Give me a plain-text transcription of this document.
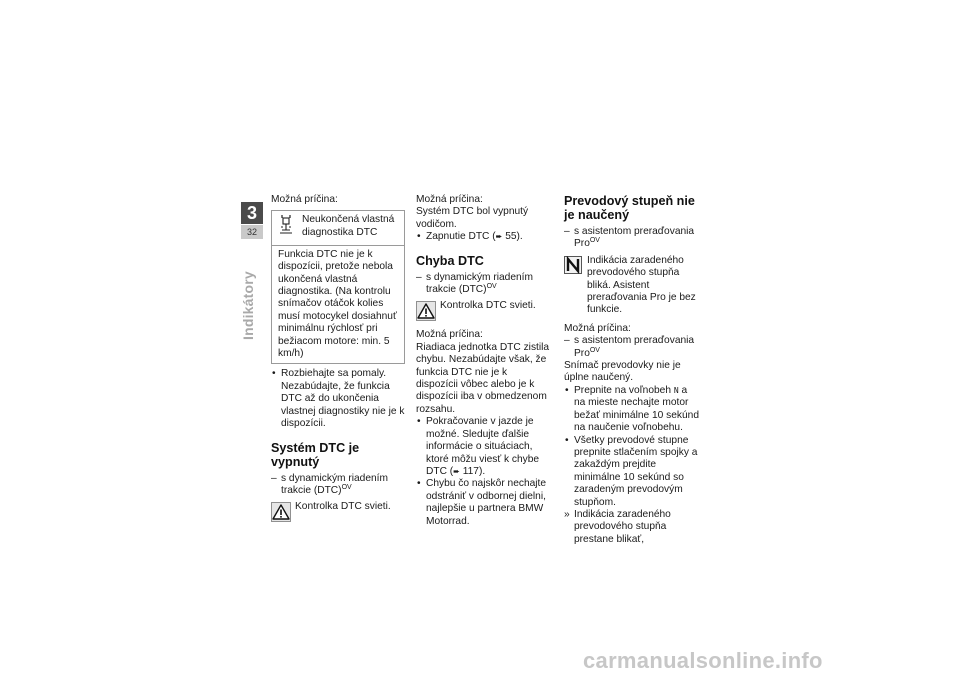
3
32
Indikátory

Možná príčina:

Neukončená vlastná diagnostika DTC
Funkcia DTC nie je k dispozícii, pretože nebola ukončená vlastná diagnostika. (Na kontrolu snímačov otáčok kolies musí motocykel dosiahnuť minimálnu rýchlosť pri bežiacom motore: min. 5 km/h)

• Rozbiehajte sa pomaly. Nezabúdajte, že funkcia DTC až do ukončenia vlastnej diagnostiky nie je k dispozícii.

Systém DTC je vypnutý

– s dynamickým riadením trakcie (DTC)$^{OV}$

Kontrolka DTC svieti.

Možná príčina:

Systém DTC bol vypnutý vodičom.

• Zapnutie DTC (➨ 55).

Chyba DTC

– s dynamickým riadením trakcie (DTC)$^{OV}$

Kontrolka DTC svieti.

Možná príčina:

Riadiaca jednotka DTC zistila chybu. Nezabúdajte však, že funkcia DTC nie je k dispozícii vôbec alebo je k dispozícii iba v obmedzenom rozsahu.

• Pokračovanie v jazde je možné. Sledujte ďalšie informácie o situáciach, ktoré môžu viesť k chybe DTC (➨ 117).

• Chybu čo najskôr nechajte odstrániť v odbornej dielni, najlepšie u partnera BMW Motorrad.

Prevodový stupeň nie je naučený

– s asistentom preraďovania Pro$^{OV}$

Indikácia zaradeného prevodového stupňa bliká. Asistent preraďovania Pro je bez funkcie.

Možná príčina:

– s asistentom preraďovania Pro$^{OV}$

Snímač prevodovky nie je úplne naučený.

• Prepnite na voľnobeh N a na mieste nechajte motor bežať minimálne 10 sekúnd na naučenie voľnobehu.

• Všetky prevodové stupne prepnite stlačením spojky a zakaždým prejdite minimálne 10 sekúnd so zaradeným prevodovým stupňom.

» Indikácia zaradeného prevodového stupňa prestane blikať,

carmanualsonline.info
